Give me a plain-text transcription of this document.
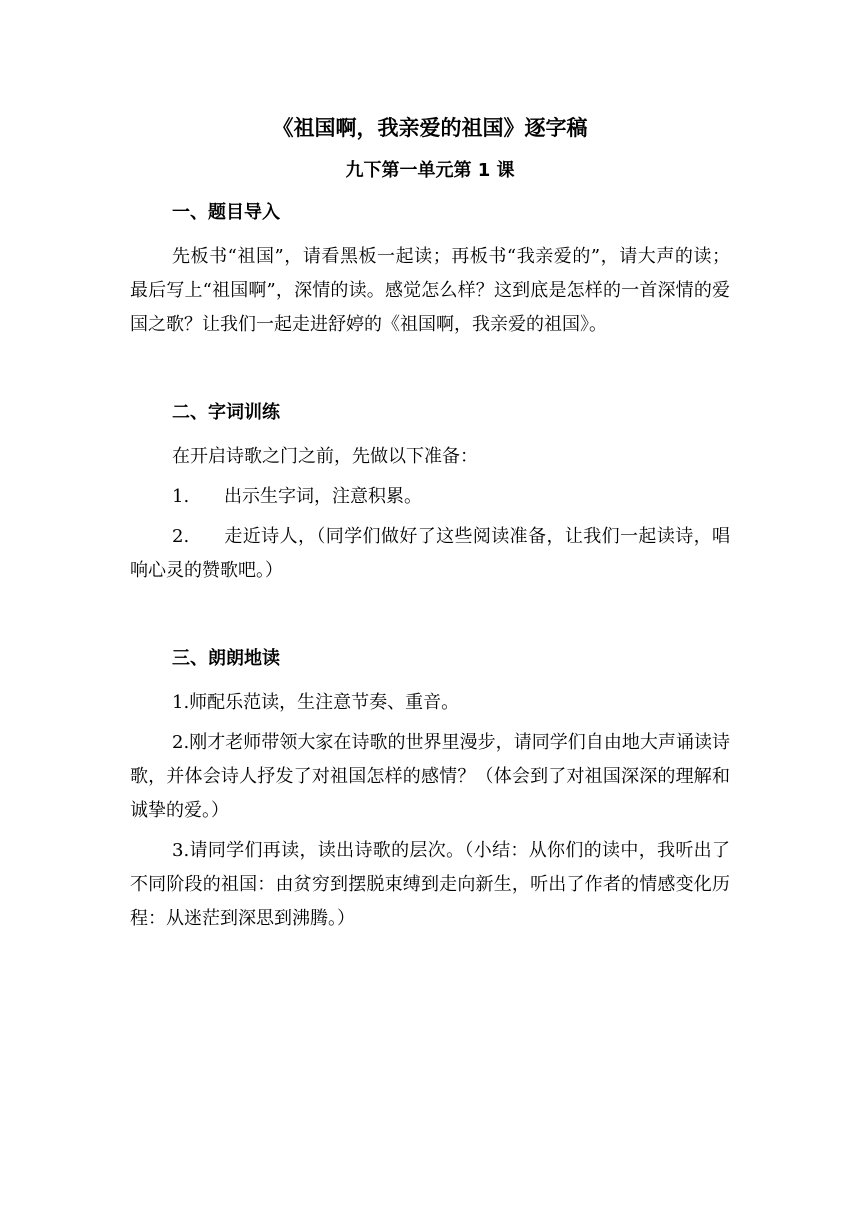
《祖国啊，我亲爱的祖国》逐字稿
九下第一单元第 1 课
一、题目导入

先板书“祖国”，请看黑板一起读；再板书“我亲爱的”，请大声的读；最后写上“祖国啊”，深情的读。感觉怎么样？这到底是怎样的一首深情的爱国之歌？让我们一起走进舒婷的《祖国啊，我亲爱的祖国》。

二、字词训练

在开启诗歌之门之前，先做以下准备：

1. 出示生字词，注意积累。

2. 走近诗人，（同学们做好了这些阅读准备，让我们一起读诗，唱响心灵的赞歌吧。）

三、朗朗地读

1.师配乐范读，生注意节奏、重音。

2.刚才老师带领大家在诗歌的世界里漫步，请同学们自由地大声诵读诗歌，并体会诗人抒发了对祖国怎样的感情？（体会到了对祖国深深的理解和诚挚的爱。）

3.请同学们再读，读出诗歌的层次。（小结：从你们的读中，我听出了不同阶段的祖国：由贫穷到摆脱束缚到走向新生，听出了作者的情感变化历程：从迷茫到深思到沸腾。）
